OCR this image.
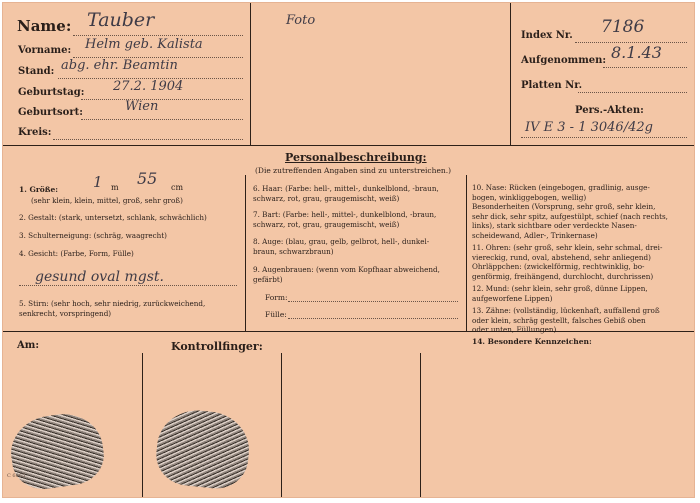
Name: Tauber
Vorname: Helm geb. Kalista
Stand: abg. ehr. Beamtin
Geburtstag: 27.2. 1904
Geburtsort:	Wien
Kreis:
Foto
Index Nr. 7186
Aufgenommen: 8.1.43
Platten Nr.
Pers.-Akten:
IV E 3 - 1 3046/42g
Personalbeschreibung:
(Die zutreffenden Angaben sind zu unterstreichen.)
1. Größe: 1 m 55 cm
(sehr klein, klein, mittel, groß, sehr groß)
2. Gestalt: (stark, untersetzt, schlank, schwächlich)
3. Schulterneigung: (schräg, waagrecht)
4. Gesicht: (Farbe, Form, Fülle)
gesund oval mgst.
5. Stirn: (sehr hoch, sehr niedrig, zurückweichend,
senkrecht, vorspringend)
6. Haar: (Farbe: hell-, mittel-, dunkelblond, -braun,
schwarz, rot, grau, graugemischt, weiß)
7. Bart: (Farbe: hell-, mittel-, dunkelblond, -braun,
schwarz, rot, grau, graugemischt, weiß)
8. Auge: (blau, grau, gelb, gelbrot, hell-, dunkel-
braun, schwarzbraun)
9. Augenbrauen: (wenn vom Kopfhaar abweichend,
gefärbt)
Form:
Fülle:
10. Nase: Rücken (eingebogen, gradlinig, ausge-
bogen, winkliggebogen, wellig)
Besonderheiten (Vorsprung, sehr groß, sehr klein,
sehr dick, sehr spitz, aufgestülpt, schief (nach rechts,
links), stark sichtbare oder verdeckte Nasen-
scheidewand, Adler-, Trinkernase)
11. Ohren: (sehr groß, sehr klein, sehr schmal, drei-
viereckig, rund, oval, abstehend, sehr anliegend)
Ohrläppchen: (zwickelförmig, rechtwinklig, bo-
genförmig, freihängend, durchlocht, durchrissen)
12. Mund: (sehr klein, sehr groß, dünne Lippen,
aufgeworfene Lippen)
13. Zähne: (vollständig, lückenhaft, auffallend groß
oder klein, schräg gestellt, falsches Gebiß oben
oder unten, Füllungen)
14. Besondere Kennzeichen:
Am:	Kontrollfinger:
C 6065
